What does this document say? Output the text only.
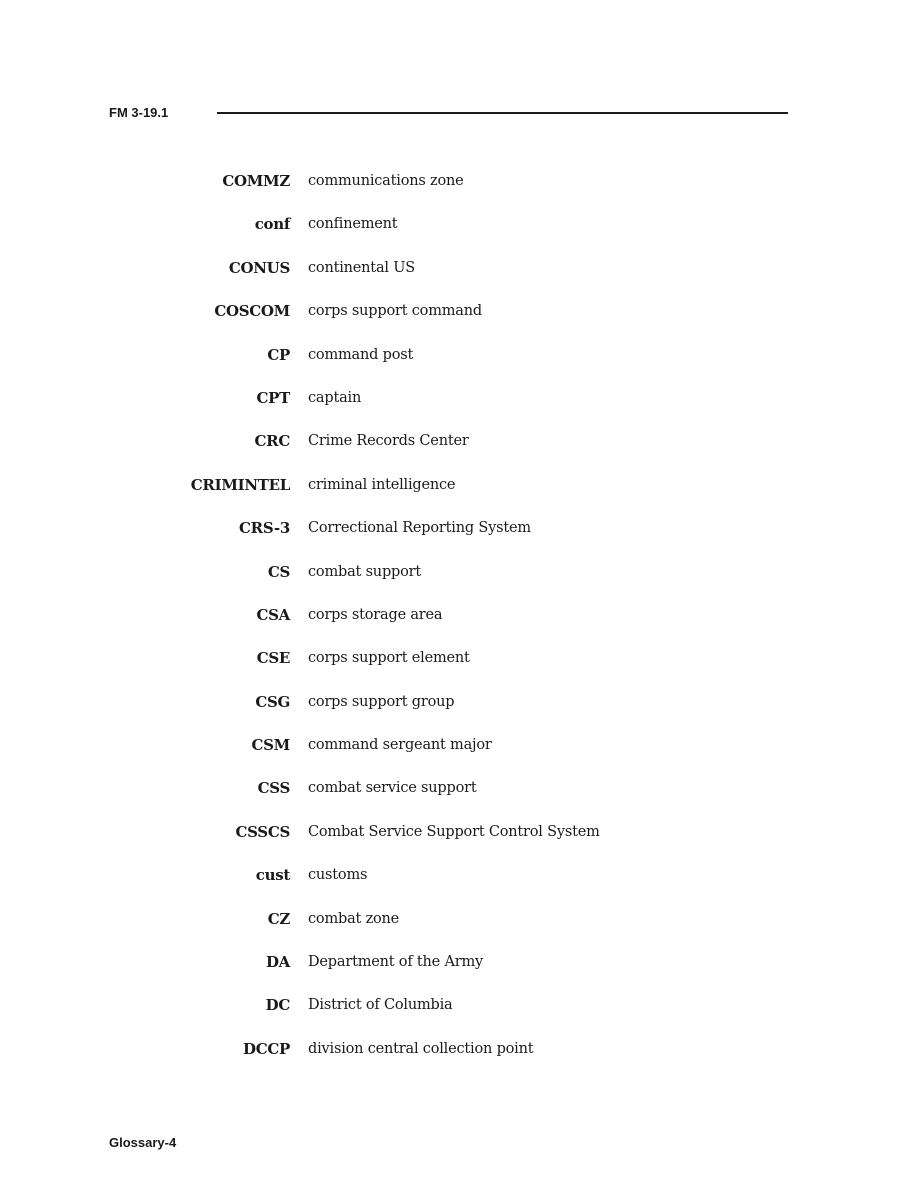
FM 3-19.1
COMMZ communications zone
conf confinement
CONUS continental US
COSCOM corps support command
CP command post
CPT captain
CRC Crime Records Center
CRIMINTEL criminal intelligence
CRS-3 Correctional Reporting System
CS combat support
CSA corps storage area
CSE corps support element
CSG corps support group
CSM command sergeant major
CSS combat service support
CSSCS Combat Service Support Control System
cust customs
CZ combat zone
DA Department of the Army
DC District of Columbia
DCCP division central collection point
Glossary-4
